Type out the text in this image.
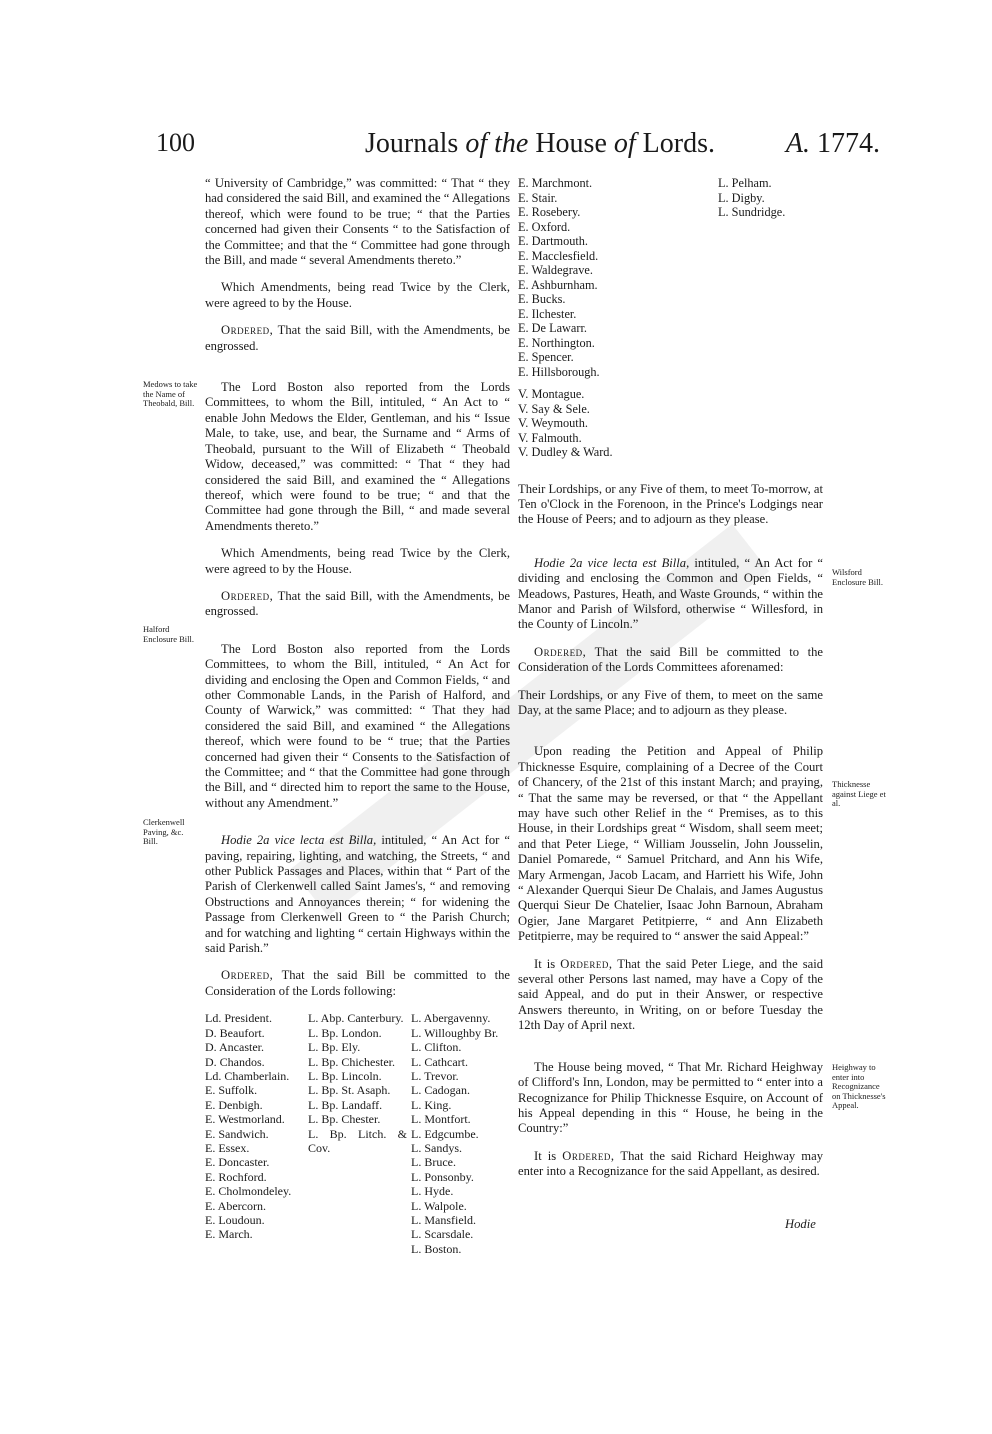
100	Journals of the House of Lords.	A. 1774.
Medows to take the Name of Theobald, Bill.
Halford Enclosure Bill.
Clerkenwell Paving, &c. Bill.
Wilsford Enclosure Bill.
Thicknesse against Liege et al.
Heighway to enter into Recognizance on Thicknesse's Appeal.

“ University of Cambridge,” was committed: “ That “ they had considered the said Bill, and examined the “ Allegations thereof, which were found to be true; “ that the Parties concerned had given their Consents “ to the Satisfaction of the Committee; and that the “ Committee had gone through the Bill, and made “ several Amendments thereto.”

Which Amendments, being read Twice by the Clerk, were agreed to by the House.

Ordered, That the said Bill, with the Amendments, be engrossed.

The Lord Boston also reported from the Lords Committees, to whom the Bill, intituled, “ An Act to “ enable John Medows the Elder, Gentleman, and his “ Issue Male, to take, use, and bear, the Surname and “ Arms of Theobald, pursuant to the Will of Elizabeth “ Theobald Widow, deceased,” was committed: “ That “ they had considered the said Bill, and examined the “ Allegations thereof, which were found to be true; “ and that the Committee had gone through the Bill, “ and made several Amendments thereto.”

Which Amendments, being read Twice by the Clerk, were agreed to by the House.

Ordered, That the said Bill, with the Amendments, be engrossed.

The Lord Boston also reported from the Lords Committees, to whom the Bill, intituled, “ An Act for dividing and enclosing the Open and Common Fields, “ and other Commonable Lands, in the Parish of Halford, and County of Warwick,” was committed: “ That they had considered the said Bill, and examined “ the Allegations thereof, which were found to be “ true; that the Parties concerned had given their “ Consents to the Satisfaction of the Committee; and “ that the Committee had gone through the Bill, and “ directed him to report the same to the House, without any Amendment.”

Hodie 2a vice lecta est Billa, intituled, “ An Act for “ paving, repairing, lighting, and watching, the Streets, “ and other Publick Passages and Places, within that “ Part of the Parish of Clerkenwell called Saint James's, “ and removing Obstructions and Annoyances therein; “ for widening the Passage from Clerkenwell Green to “ the Parish Church; and for watching and lighting “ certain Highways within the said Parish.”

Ordered, That the said Bill be committed to the Consideration of the Lords following:

Ld. President.
D. Beaufort.
D. Ancaster.
D. Chandos.
Ld. Chamberlain.
E. Suffolk.
E. Denbigh.
E. Westmorland.
E. Sandwich.
E. Essex.
E. Doncaster.
E. Rochford.
E. Cholmondeley.
E. Abercorn.
E. Loudoun.
E. March.
L. Abp. Canterbury.
L. Bp. London.
L. Bp. Ely.
L. Bp. Chichester.
L. Bp. Lincoln.
L. Bp. St. Asaph.
L. Bp. Landaff.
L. Bp. Chester.
L. Bp. Litch. & Cov.
L. Abergavenny.
L. Willoughby Br.
L. Clifton.
L. Cathcart.
L. Trevor.
L. Cadogan.
L. King.
L. Montfort.
L. Edgcumbe.
L. Sandys.
L. Bruce.
L. Ponsonby.
L. Hyde.
L. Walpole.
L. Mansfield.
L. Scarsdale.
L. Boston.
E. Marchmont.
E. Stair.
E. Rosebery.
E. Oxford.
E. Dartmouth.
E. Macclesfield.
E. Waldegrave.
E. Ashburnham.
E. Bucks.
E. Ilchester.
E. De Lawarr.
E. Northington.
E. Spencer.
E. Hillsborough.
V. Montague.
V. Say & Sele.
V. Weymouth.
V. Falmouth.
V. Dudley & Ward.

Their Lordships, or any Five of them, to meet To-morrow, at Ten o'Clock in the Forenoon, in the Prince's Lodgings near the House of Peers; and to adjourn as they please.

Hodie 2a vice lecta est Billa, intituled, “ An Act for “ dividing and enclosing the Common and Open Fields, “ Meadows, Pastures, Heath, and Waste Grounds, “ within the Manor and Parish of Wilsford, otherwise “ Willesford, in the County of Lincoln.”

Ordered, That the said Bill be committed to the Consideration of the Lords Committees aforenamed:

Their Lordships, or any Five of them, to meet on the same Day, at the same Place; and to adjourn as they please.

Upon reading the Petition and Appeal of Philip Thicknesse Esquire, complaining of a Decree of the Court of Chancery, of the 21st of this instant March; and praying, “ That the same may be reversed, or that “ the Appellant may have such other Relief in the “ Premises, as to this House, in their Lordships great “ Wisdom, shall seem meet; and that Peter Liege, “ William Jousselin, John Jousselin, Daniel Pomarede, “ Samuel Pritchard, and Ann his Wife, Mary Armengan, Jacob Lacam, and Harriett his Wife, John “ Alexander Querqui Sieur De Chalais, and James Augustus Querqui Sieur De Chatelier, Isaac John Barnoun, Abraham Ogier, Jane Margaret Petitpierre, “ and Ann Elizabeth Petitpierre, may be required to “ answer the said Appeal:”

It is Ordered, That the said Peter Liege, and the said several other Persons last named, may have a Copy of the said Appeal, and do put in their Answer, or respective Answers thereunto, in Writing, on or before Tuesday the 12th Day of April next.

The House being moved, “ That Mr. Richard Heighway of Clifford's Inn, London, may be permitted to “ enter into a Recognizance for Philip Thicknesse Esquire, on Account of his Appeal depending in this “ House, he being in the Country:”

It is Ordered, That the said Richard Heighway may enter into a Recognizance for the said Appellant, as desired.

L. Pelham.
L. Digby.
L. Sundridge.
Hodie
